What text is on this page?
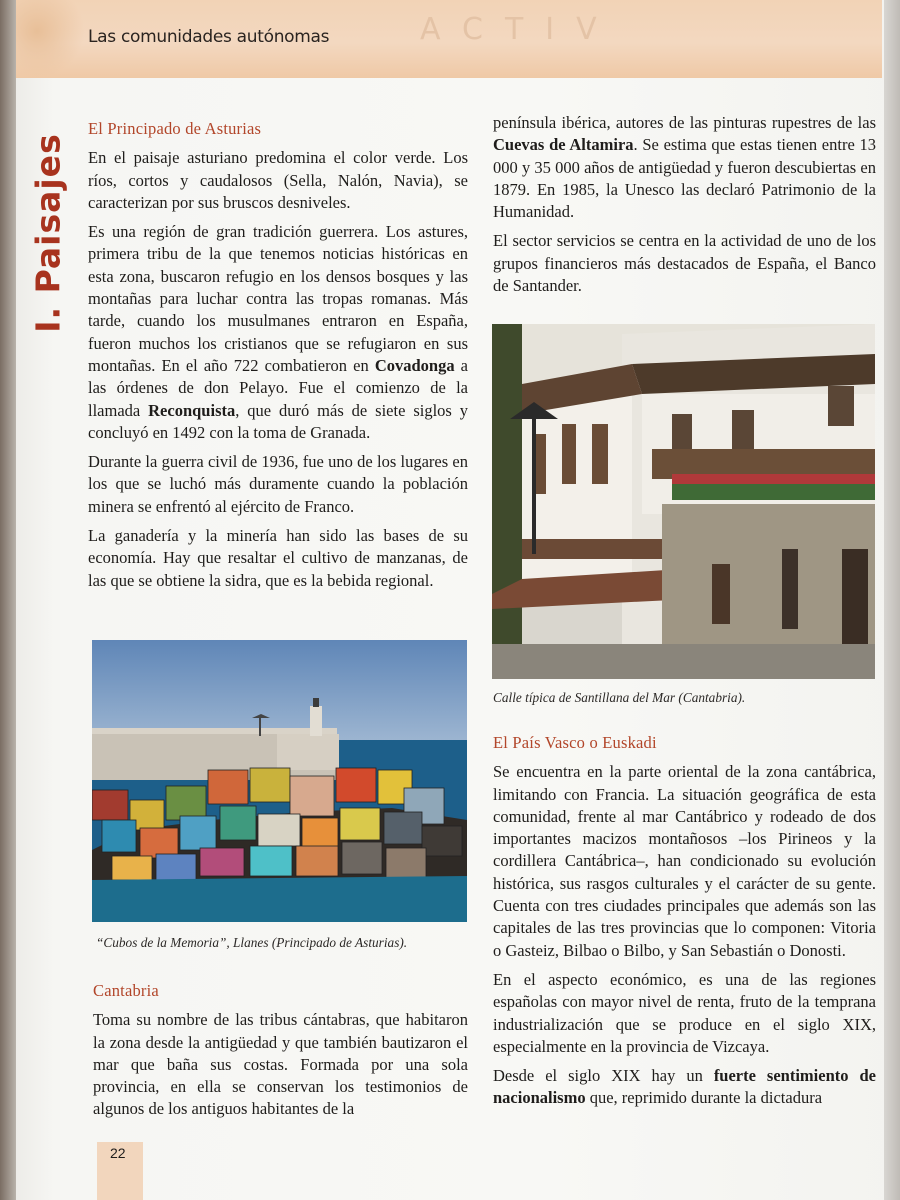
ACTIV
Las comunidades autónomas
I. Paisajes
El Principado de Asturias

En el paisaje asturiano predomina el color verde. Los ríos, cortos y caudalosos (Sella, Nalón, Navia), se caracterizan por sus bruscos desniveles.

Es una región de gran tradición guerrera. Los astures, primera tribu de la que tenemos noticias históricas en esta zona, buscaron refugio en los densos bosques y las montañas para luchar contra las tropas romanas. Más tarde, cuando los musulmanes entraron en España, fueron muchos los cristianos que se refugiaron en sus montañas. En el año 722 combatieron en Covadonga a las órdenes de don Pelayo. Fue el comienzo de la llamada Reconquista, que duró más de siete siglos y concluyó en 1492 con la toma de Granada.

Durante la guerra civil de 1936, fue uno de los lugares en los que se luchó más duramente cuando la población minera se enfrentó al ejército de Franco.

La ganadería y la minería han sido las bases de su economía. Hay que resaltar el cultivo de manzanas, de las que se obtiene la sidra, que es la bebida regional.

“Cubos de la Memoria”, Llanes (Principado de Asturias).

Cantabria

Toma su nombre de las tribus cántabras, que habitaron la zona desde la antigüedad y que también bautizaron el mar que baña sus costas. Formada por una sola provincia, en ella se conservan los testimonios de algunos de los antiguos habitantes de la

península ibérica, autores de las pinturas rupestres de las Cuevas de Altamira. Se estima que estas tienen entre 13 000 y 35 000 años de antigüedad y fueron descubiertas en 1879. En 1985, la Unesco las declaró Patrimonio de la Humanidad.

El sector servicios se centra en la actividad de uno de los grupos financieros más destacados de España, el Banco de Santander.

Calle típica de Santillana del Mar (Cantabria).

El País Vasco o Euskadi

Se encuentra en la parte oriental de la zona cantábrica, limitando con Francia. La situación geográfica de esta comunidad, frente al mar Cantábrico y rodeado de dos importantes macizos montañosos –los Pirineos y la cordillera Cantábrica–, han condicionado su evolución histórica, sus rasgos culturales y el carácter de su gente. Cuenta con tres ciudades principales que además son las capitales de las tres provincias que lo componen: Vitoria o Gasteiz, Bilbao o Bilbo, y San Sebastián o Donosti.

En el aspecto económico, es una de las regiones españolas con mayor nivel de renta, fruto de la temprana industrialización que se produce en el siglo XIX, especialmente en la provincia de Vizcaya.

Desde el siglo XIX hay un fuerte sentimiento de nacionalismo que, reprimido durante la dictadura

22
